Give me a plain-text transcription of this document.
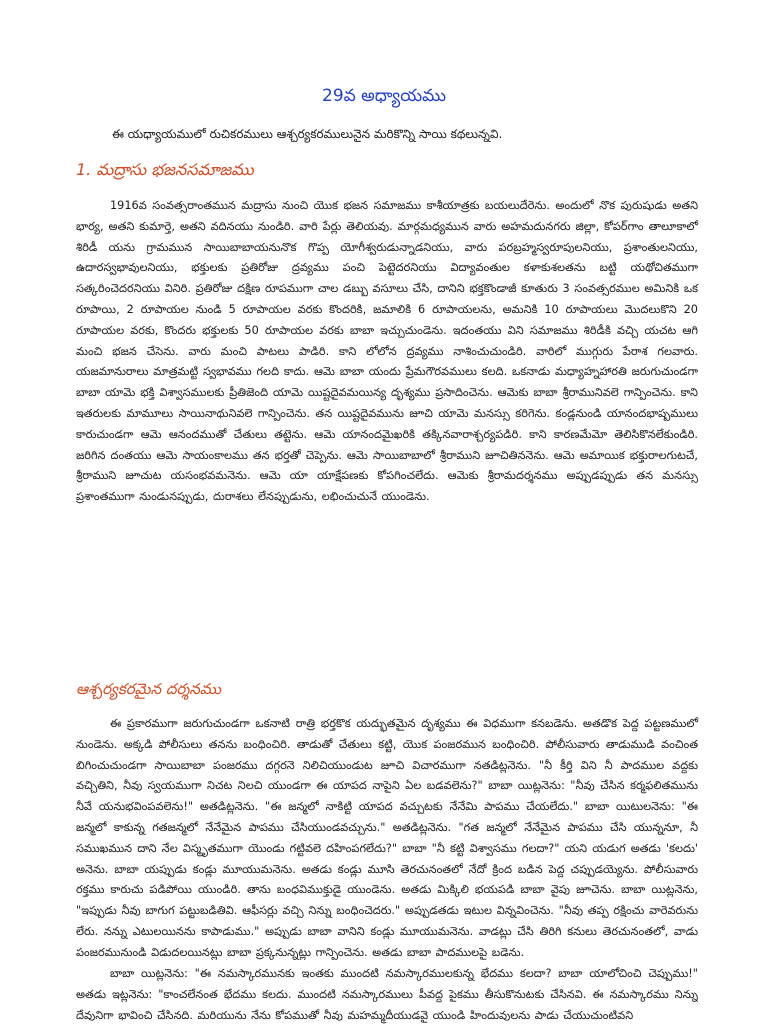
29వ అధ్యాయము
ఈ యధ్యాయములో రుచికరములు ఆశ్చర్యకరములునైన మరికొన్ని సాయి కథలున్నవి.
1. మద్రాసు భజనసమాజము
1916వ సంవత్సరాంతమున మద్రాసు నుంచి యొక భజన సమాజము కాశీయాత్రకు బయలుదేరెను. అందులో నొక పురుషుడు అతని భార్య, అతని కుమార్తె, అతని వదినయు నుండిరి. వారి పేర్లు తెలియవు. మార్గమధ్యమున వారు అహమదునగరు జిల్లా, కోపర్‌గాం తాలూకాలో శిరిడీ యను గ్రామమున సాయిబాబాయనునొక గొప్ప యోగీశ్వరుడున్నాడనియు, వారు పరబ్రహ్మస్వరూపులనియు, ప్రశాంతులనియు, ఉదారస్వభావులనియు, భక్తులకు ప్రతిరోజు ద్రవ్యము పంచి పెట్టెదరనియు విద్యావంతుల కళాకుశలతను బట్టి యథోచితముగా సత్కరించెదరనియు వినిరి. ప్రతిరోజు దక్షిణ రూపముగా చాల డబ్బు వసూలు చేసి, దానిని భక్తకొండాజీ కూతురు 3 సంవత్సరముల అమినికి ఒక రూపాయి, 2 రూపాయల నుండి 5 రూపాయల వరకు కొందరికి, జమాలికి 6 రూపాయలను, అమనికి 10 రూపాయలు మొదలుకొని 20 రూపాయల వరకు, కొందరు భక్తులకు 50 రూపాయల వరకు బాబా ఇచ్చుచుండెను. ఇదంతయు విని సమాజము శిరిడీకి వచ్చి యచట ఆగి మంచి భజన చేసెను. వారు మంచి పాటలు పాడిరి. కాని లోలోన ద్రవ్యము నాశించుచుండిరి. వారిలో ముగ్గురు పేరాశ గలవారు. యజమానురాలు మాత్రమట్టి స్వభావము గలది కాదు. ఆమె బాబా యందు ప్రేమగౌరవములు కలది. ఒకనాడు మధ్యాహ్నహారతి జరుగుచుండగా బాబా యామె భక్తి విశ్వాసములకు ప్రీతిజెంది యామె యిష్టదైవమయిన్య దృశ్యము ప్రసాదించెను. ఆమెకు బాబా శ్రీరామునివలె గాన్పించెను. కాని ఇతరులకు మామూలు సాయినాథునివలె గాన్పించెను. తన యిష్టదైవమును జూచి యామె మనస్సు కరిగెను. కండ్లనుండి యానందభాష్పములు కారుచుండగా ఆమె ఆనందముతో చేతులు తట్టెను. ఆమె యానందమైఖరికి తక్కినవారాశ్చర్యపడిరి. కాని కారణమేమో తెలిసికొనలేకుండిరి. జరిగిన దంతయు ఆమె సాయంకాలము తన భర్తతో చెప్పెను. ఆమె సాయిబాబాలో శ్రీరాముని జూచితిననెను. ఆమె అమాయిక భక్తురాలగుటచే, శ్రీరాముని జూచుట యసంభవమనెను. ఆమె యా యాక్షేపణకు కోపగించలేదు. ఆమెకు శ్రీరామదర్శనము అప్పుడప్పుడు తన మనస్సు ప్రశాంతముగా నుండునప్పుడు, దురాశలు లేనప్పుడును, లభించుచునే యుండెను.
ఆశ్చర్యకరమైన దర్శనము
ఈ ప్రకారముగా జరుగుచుండగా ఒకనాటి రాత్రి భర్తకొక యద్భుతమైన దృశ్యము ఈ విధముగా కనబడెను. అతడొక పెద్ద పట్టణములో నుండెను. అక్కడి పోలీసులు తనను బంధించిరి. తాడుతో చేతులు కట్టి, యొక పంజరమున బంధించిరి. పోలీసువారు తాడుముడి వంచింత బిగించుచుండగా సాయిబాబా పంజరము దగ్గరనె నిలిచియుండుట జూచి విచారముగా నతడిట్లనెను. "నీ కీర్తి విని నీ పాదముల వద్దకు వచ్చితిని, నీవు స్వయముగా నిచట నిలచి యుండగా ఈ యాపద నాపైని ఏల బడవలెను?" బాబా యిట్లనెను: "నీవు చేసిన కర్మఫలితమును నీవే యనుభవింపవలెను!" అతడిట్లనెను. "ఈ జన్మలో నాకిట్టి యాపద వచ్చుటకు నేనేమి పాపము చేయలేదు." బాబా యిటులనెను: "ఈ జన్మలో కాకున్న గతజన్మలో నేనేమైన పాపము చేసియుండవచ్చును." అతడిట్లనెను. "గత జన్మలో నేనేమైన పాపము చేసి యున్ననూ, నీ సముఖమున దాని నేల విస్మృతముగా యొండు గట్టివలె దహింపగలేదు?" బాబా "నీ కట్టి విశ్వాసము గలదా?" యని యడుగ అతడు 'కలదు' అనెను. బాబా యప్పుడు కండ్లు మూయుమనెను. అతడు కండ్లు మూసి తెరచునంతలో నేదో క్రింద బడిన పెద్ద చప్పుడయ్యెను. పోలీసువారు రక్తము కారుచు పడిపోయి యుండిరి. తాను బంధవిముక్తుడై యుండెను. అతడు మిక్కిలి భయపడి బాబా వైపు జూచెను. బాబా యిట్లనెను, "ఇప్పుడు నీవు బాగుగ పట్టుబడితివి. ఆఫీసర్లు వచ్చి నిన్ను బంధించెదరు." అప్పుడతడు ఇటుల విన్నవించెను. "నీవు తప్ప రక్షించు వారెవరును లేరు. నన్ను ఎటులయినను కాపాడుము." అప్పుడు బాబా వానిని కండ్లు మూయుమనెను. వాడట్లు చేసి తిరిగి కనులు తెరచునంతలో, వాడు పంజరమునుండి విడుదలయినట్లు బాబా ప్రక్కనున్నట్లు గాన్పించెను. అతడు బాబా పాదములపై బడెను.
బాబా యిట్లనెను: "ఈ నమస్కారమునకు ఇంతకు ముందటి నమస్కారములకున్న భేదము కలదా? బాబా యాలోచించి చెప్పుము!" అతడు ఇట్లనెను: "కాంచలేనంత భేదము కలదు. ముందటి నమస్కారములు పీవద్ద పైకము తీసుకొనుటకు చేసినవి. ఈ నమస్కారము నిన్ను దేవునిగా భావించి చేసినది. మరియును నేను కోపముతో నీవు మహమ్మదీయుడవై యుండి హిందువులను పాడు చేయుచుంటివని
